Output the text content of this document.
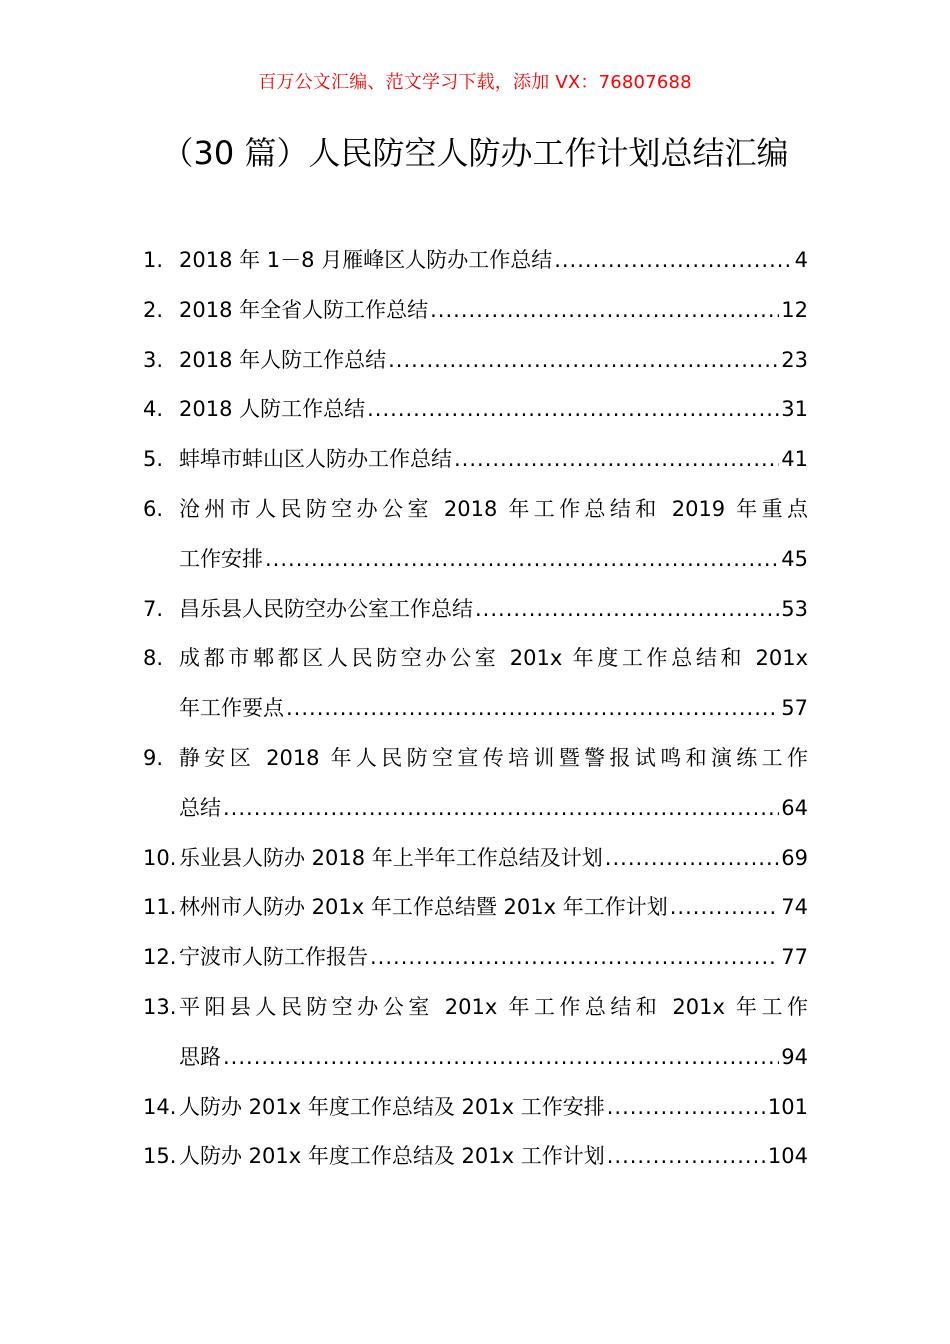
百万公文汇编、范文学习下载，添加 VX：76807688
（30 篇）人民防空人防办工作计划总结汇编
1. 2018 年 1－8 月雁峰区人防办工作总结 .....	4
2. 2018 年全省人防工作总结 .....	12
3. 2018 年人防工作总结 .....	23
4. 2018 人防工作总结 .....	31
5. 蚌埠市蚌山区人防办工作总结 .....	41
6. 沧州市人民防空办公室 2018 年工作总结和 2019 年重点
工作安排 .....	45
7. 昌乐县人民防空办公室工作总结 .....	53
8. 成都市郫都区人民防空办公室 201x 年度工作总结和 201x
年工作要点 .....	57
9. 静安区 2018 年人民防空宣传培训暨警报试鸣和演练工作
总结 .....	64
10. 乐业县人防办 2018 年上半年工作总结及计划 .....	69
11. 林州市人防办 201x 年工作总结暨 201x 年工作计划 .....	74
12. 宁波市人防工作报告 .....	77
13. 平阳县人民防空办公室 201x 年工作总结和 201x 年工作
思路 .....	94
14. 人防办 201x 年度工作总结及 201x 工作安排 .....	101
15. 人防办 201x 年度工作总结及 201x 工作计划 .....	104
